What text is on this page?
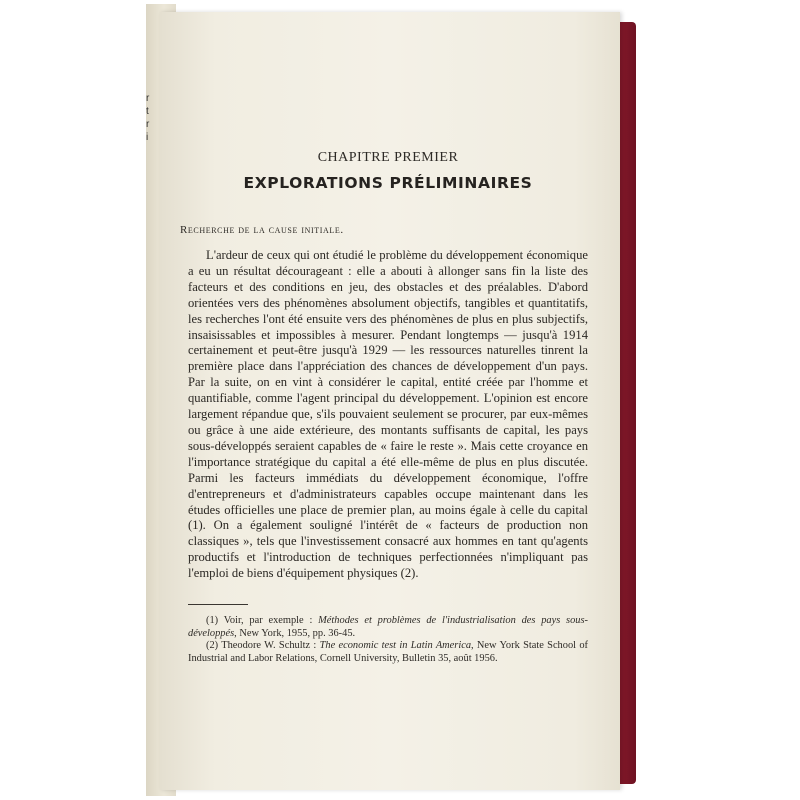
r
t
r
i
CHAPITRE PREMIER
EXPLORATIONS PRÉLIMINAIRES
Recherche de la cause initiale.

L'ardeur de ceux qui ont étudié le problème du développement économique a eu un résultat décourageant : elle a abouti à allonger sans fin la liste des facteurs et des conditions en jeu, des obstacles et des préalables. D'abord orientées vers des phénomènes absolument objectifs, tangibles et quantitatifs, les recherches l'ont été ensuite vers des phénomènes de plus en plus subjectifs, insaisissables et impossibles à mesurer. Pendant longtemps — jusqu'à 1914 certainement et peut-être jusqu'à 1929 — les ressources naturelles tinrent la première place dans l'appréciation des chances de développement d'un pays. Par la suite, on en vint à considérer le capital, entité créée par l'homme et quantifiable, comme l'agent principal du développement. L'opinion est encore largement répandue que, s'ils pouvaient seulement se procurer, par eux-mêmes ou grâce à une aide extérieure, des montants suffisants de capital, les pays sous-développés seraient capables de « faire le reste ». Mais cette croyance en l'importance stratégique du capital a été elle-même de plus en plus discutée. Parmi les facteurs immédiats du développement économique, l'offre d'entrepreneurs et d'administrateurs capables occupe maintenant dans les études officielles une place de premier plan, au moins égale à celle du capital (1). On a également souligné l'intérêt de « facteurs de production non classiques », tels que l'investissement consacré aux hommes en tant qu'agents productifs et l'introduction de techniques perfectionnées n'impliquant pas l'emploi de biens d'équipement physiques (2).

(1) Voir, par exemple : Méthodes et problèmes de l'industrialisation des pays sous-développés, New York, 1955, pp. 36-45.

(2) Theodore W. Schultz : The economic test in Latin America, New York State School of Industrial and Labor Relations, Cornell University, Bulletin 35, août 1956.
